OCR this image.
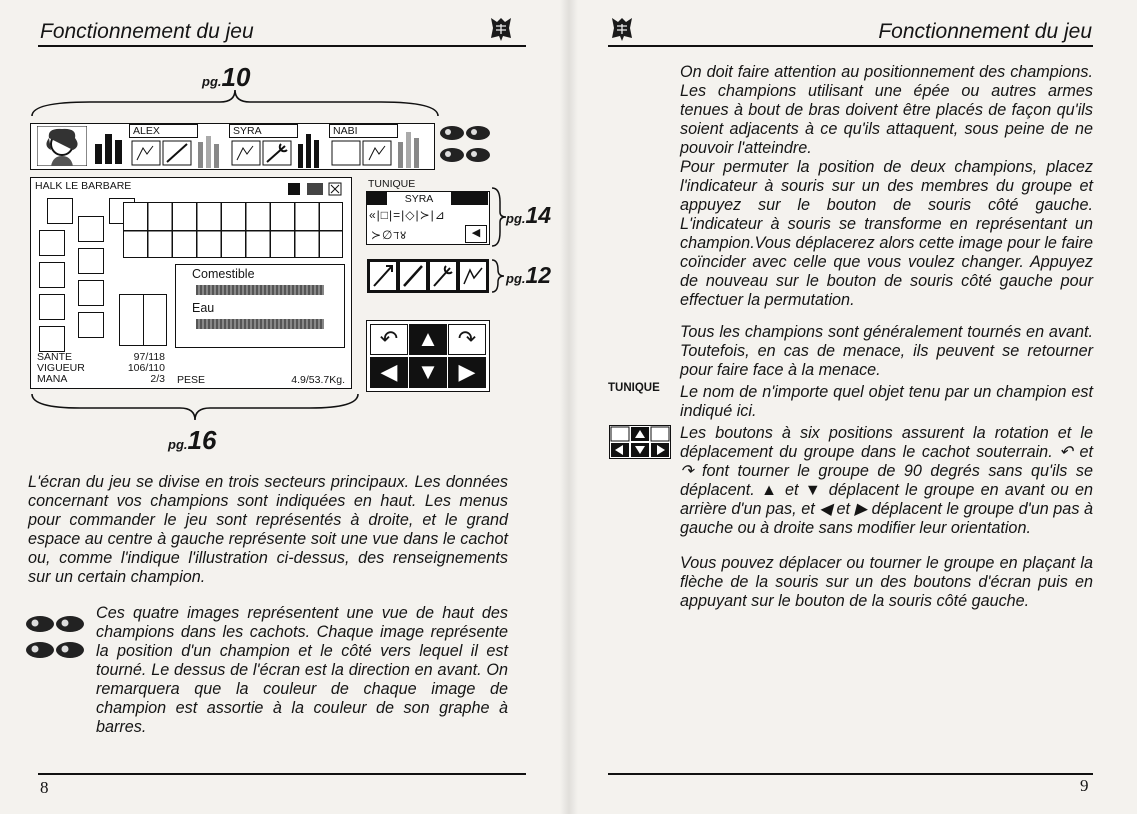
Fonctionnement du jeu
pg.10
ALEX	SYRA	NABI
HALK LE BARBARE
Comestible
Eau
SANTE	97/118
VIGUEUR	106/110
MANA	2/3 PESE	4.9/53.7Kg.
TUNIQUE
SYRA
«|□|=|◇|≻|⊿
≻∅ℸ४	◀
pg.14
pg.12
↶ ▲ ↷
◀ ▼ ▶
pg.16

L'écran du jeu se divise en trois secteurs principaux. Les données concernant vos champions sont indiquées en haut. Les menus pour commander le jeu sont représentés à droite, et le grand espace au centre à gauche représente soit une vue dans le cachot ou, comme l'indique l'illustration ci-dessus, des renseignements sur un certain champion.

Ces quatre images représentent une vue de haut des champions dans les cachots. Chaque image représente la position d'un champion et le côté vers lequel il est tourné. Le dessus de l'écran est la direction en avant. On remarquera que la couleur de chaque image de champion est assortie à la couleur de son graphe à barres.

8
Fonctionnement du jeu

On doit faire attention au positionnement des champions. Les champions utilisant une épée ou autres armes tenues à bout de bras doivent être placés de façon qu'ils soient adjacents à ce qu'ils attaquent, sous peine de ne pouvoir l'atteindre.

Pour permuter la position de deux champions, placez l'indicateur à souris sur un des membres du groupe et appuyez sur le bouton de souris côté gauche. L'indicateur à souris se transforme en représentant un champion.Vous déplacerez alors cette image pour le faire coïncider avec celle que vous voulez changer. Appuyez de nouveau sur le bouton de souris côté gauche pour effectuer la permutation.

Tous les champions sont généralement tournés en avant. Toutefois, en cas de menace, ils peuvent se retourner pour faire face à la menace.

TUNIQUE Le nom de n'importe quel objet tenu par un champion est indiqué ici.

Les boutons à six positions assurent la rotation et le déplacement du groupe dans le cachot souterrain. ↶ et ↷ font tourner le groupe de 90 degrés sans qu'ils se déplacent. ▲ et ▼ déplacent le groupe en avant ou en arrière d'un pas, et ◀ et ▶ déplacent le groupe d'un pas à gauche ou à droite sans modifier leur orientation.

Vous pouvez déplacer ou tourner le groupe en plaçant la flèche de la souris sur un des boutons d'écran puis en appuyant sur le bouton de la souris côté gauche.

9
